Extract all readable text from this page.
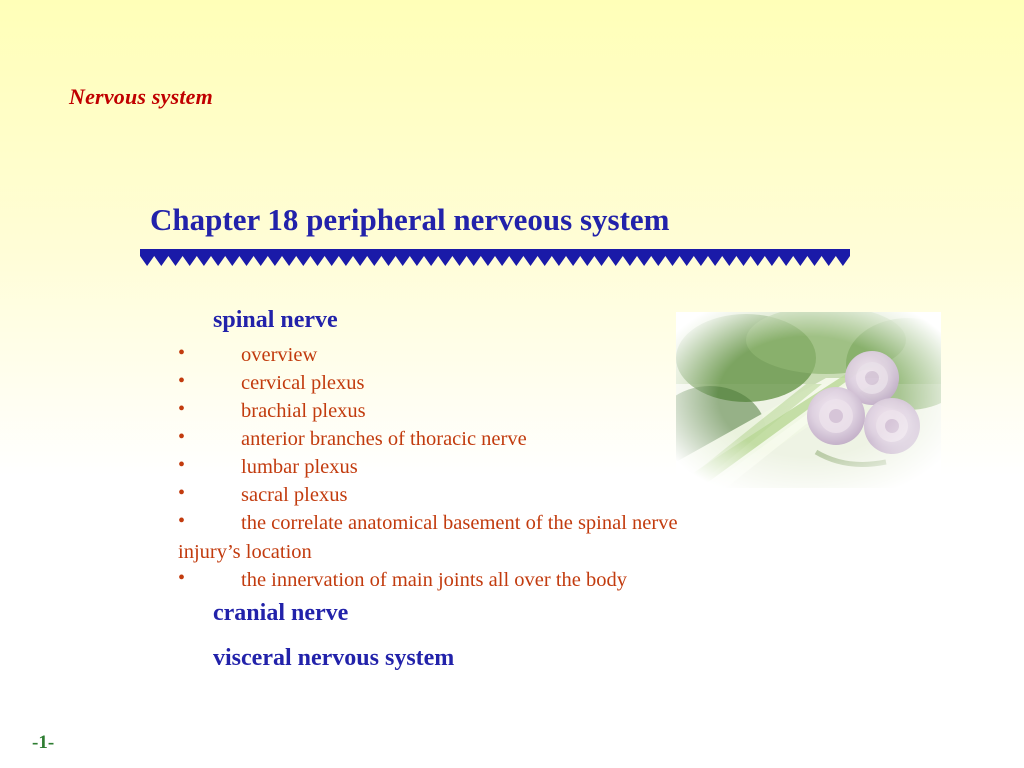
Nervous system
Chapter 18 peripheral nerveous system
spinal nerve
•	overview
•	cervical plexus
•	brachial plexus
•	anterior branches of thoracic nerve
•	lumbar plexus
•	sacral plexus
•	the correlate anatomical basement of the spinal nerve
injury’s location
•	the innervation of main joints all over the body
cranial nerve
visceral nervous system
-1-
